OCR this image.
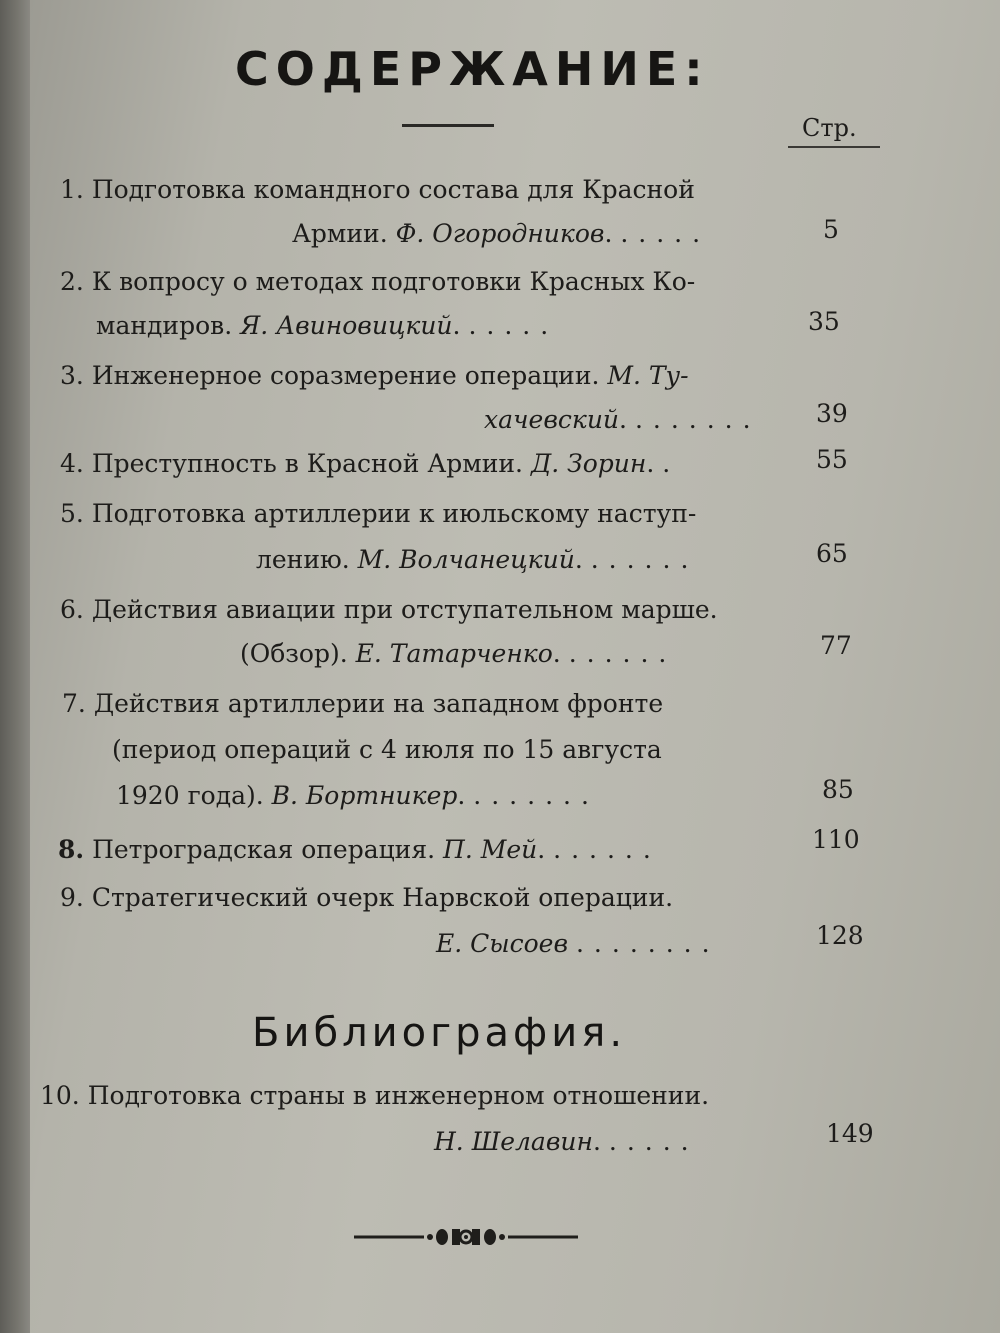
СОДЕРЖАНИЕ:
Стр.
1. Подготовка командного состава для Красной
Армии. Ф. Огородников. .....	5
2. К вопросу о методах подготовки Красных Ко-
мандиров. Я. Авиновицкий. .....	35
3. Инженерное соразмерение операции. М. Ту-
хачевский. ....... 39
4. Преступность в Красной Армии. Д. Зорин. .	55
5. Подготовка артиллерии к июльскому наступ-
лению. М. Волчанецкий. ......	65
6. Действия авиации при отступательном марше.
(Обзор). Е. Татарченко. ......	77
7. Действия артиллерии на западном фронте
(период операций с 4 июля по 15 августа
1920 года). В. Бортникер. .......	85
8. Петроградская операция. П. Мей. ......	110
9. Стратегический очерк Нарвской операции.
Е. Сысоев ........	128
Библиография.
10. Подготовка страны в инженерном отношении.
Н. Шелавин. .....	149
